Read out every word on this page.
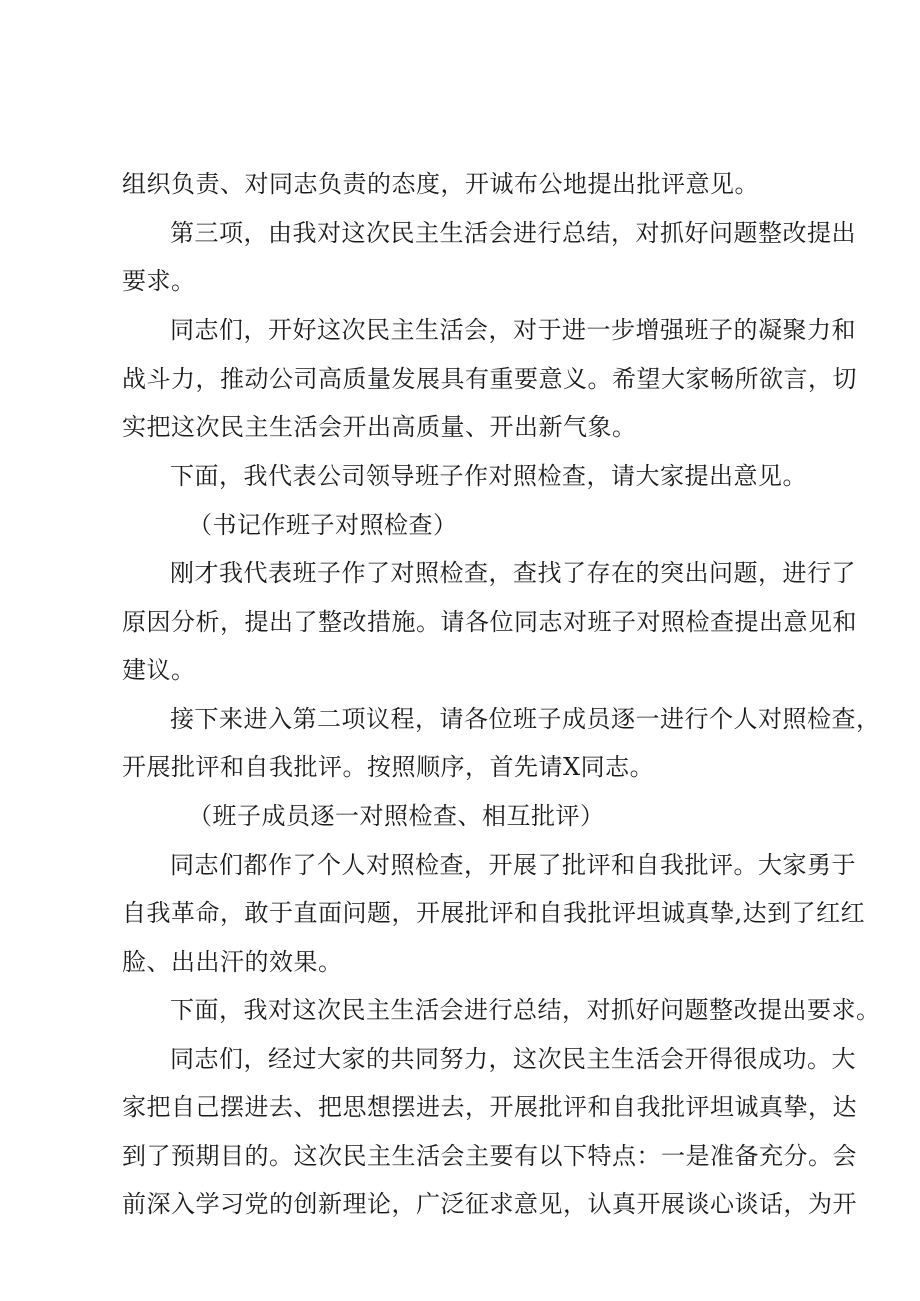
组织负责、对同志负责的态度，开诚布公地提出批评意见。
第三项，由我对这次民主生活会进行总结，对抓好问题整改提出
要求。
同志们，开好这次民主生活会，对于进一步增强班子的凝聚力和
战斗力，推动公司高质量发展具有重要意义。希望大家畅所欲言，切
实把这次民主生活会开出高质量、开出新气象。
下面，我代表公司领导班子作对照检查，请大家提出意见。
（书记作班子对照检查）
刚才我代表班子作了对照检查，查找了存在的突出问题，进行了
原因分析，提出了整改措施。请各位同志对班子对照检查提出意见和
建议。
接下来进入第二项议程，请各位班子成员逐一进行个人对照检查，
开展批评和自我批评。按照顺序，首先请X同志。
（班子成员逐一对照检查、相互批评）
同志们都作了个人对照检查，开展了批评和自我批评。大家勇于
自我革命，敢于直面问题，开展批评和自我批评坦诚真挚,达到了红红
脸、出出汗的效果。
下面，我对这次民主生活会进行总结，对抓好问题整改提出要求。
同志们，经过大家的共同努力，这次民主生活会开得很成功。大
家把自己摆进去、把思想摆进去，开展批评和自我批评坦诚真挚，达
到了预期目的。这次民主生活会主要有以下特点：一是准备充分。会
前深入学习党的创新理论，广泛征求意见，认真开展谈心谈话，为开
